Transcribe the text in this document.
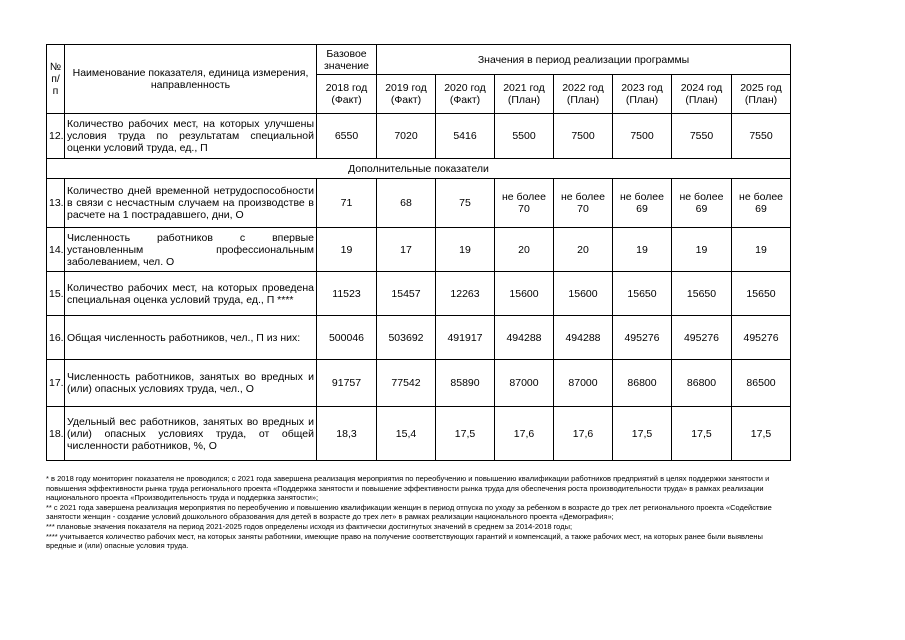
№ п/п	Наименование показателя, единица измерения, направленность	Базовое значение	Значения в период реализации программы						
		2018 год (Факт)	2019 год (Факт)	2020 год (Факт)	2021 год (План)	2022 год (План)	2023 год (План)	2024 год (План)	2025 год (План)
12.	Количество рабочих мест, на которых улучшены условия труда по результатам специальной оценки условий труда, ед., П	6550	7020	5416	5500	7500	7500	7550	7550
Дополнительные показатели									
13.	Количество дней временной нетрудоспособности в связи с несчастным случаем на производстве в расчете на 1 пострадавшего, дни, О	71	68	75	не более 70	не более 70	не более 69	не более 69	не более 69
14.	Численность работников с впервые установленным профессиональным заболеванием, чел. О	19	17	19	20	20	19	19	19
15.	Количество рабочих мест, на которых проведена специальная оценка условий труда, ед., П ****	11523	15457	12263	15600	15600	15650	15650	15650
16.	Общая численность работников, чел., П из них:	500046	503692	491917	494288	494288	495276	495276	495276
17.	Численность работников, занятых во вредных и (или) опасных условиях труда, чел., О	91757	77542	85890	87000	87000	86800	86800	86500
18.	Удельный вес работников, занятых во вредных и (или) опасных условиях труда, от общей численности работников, %, О	18,3	15,4	17,5	17,6	17,6	17,5	17,5	17,5

* в 2018 году мониторинг показателя не проводился; с 2021 года завершена реализация мероприятия по переобучению и повышению квалификации работников предприятий в целях поддержки занятости и повышения эффективности рынка труда регионального проекта «Поддержка занятости и повышение эффективности рынка труда для обеспечения роста производительности труда» в рамках реализации национального проекта «Производительность труда и поддержка занятости»;

** с 2021 года завершена реализация мероприятия по переобучению и повышению квалификации женщин в период отпуска по уходу за ребенком в возрасте до трех лет регионального проекта «Содействие занятости женщин - создание условий дошкольного образования для детей в возрасте до трех лет» в рамках реализации национального проекта «Демография»;

*** плановые значения показателя на период 2021-2025 годов определены исходя из фактически достигнутых значений в среднем за 2014-2018 годы;

**** учитывается количество рабочих мест, на которых заняты работники, имеющие право на получение соответствующих гарантий и компенсаций, а также рабочих мест, на которых ранее были выявлены вредные и (или) опасные условия труда.
